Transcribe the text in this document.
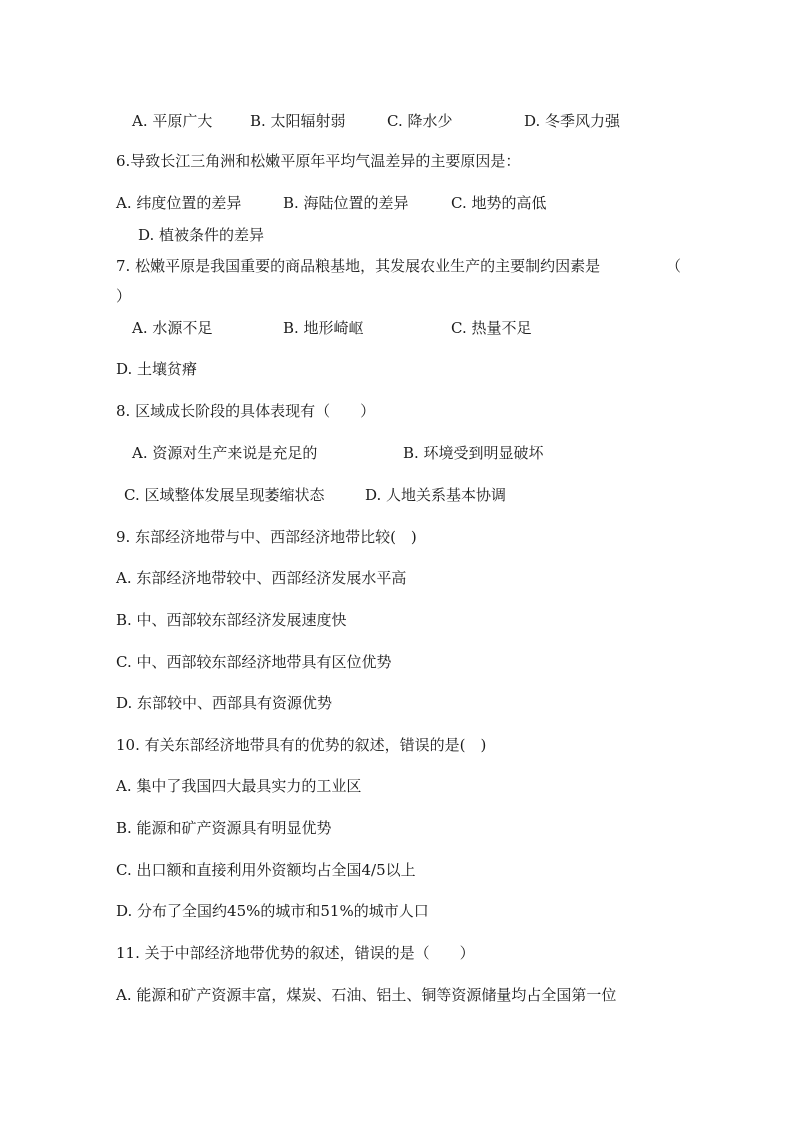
A. 平原广大	B. 太阳辐射弱	C. 降水少	D. 冬季风力强
6.导致长江三角洲和松嫩平原年平均气温差异的主要原因是：
A. 纬度位置的差异	B. 海陆位置的差异	C. 地势的高低
D. 植被条件的差异
7. 松嫩平原是我国重要的商品粮基地，其发展农业生产的主要制约因素是	（
）
A. 水源不足	B. 地形崎岖	C. 热量不足
D. 土壤贫瘠
8. 区域成长阶段的具体表现有（　　）
A. 资源对生产来说是充足的	B. 环境受到明显破坏
C. 区域整体发展呈现萎缩状态	D. 人地关系基本协调
9. 东部经济地带与中、西部经济地带比较(　)
A. 东部经济地带较中、西部经济发展水平高
B. 中、西部较东部经济发展速度快
C. 中、西部较东部经济地带具有区位优势
D. 东部较中、西部具有资源优势
10. 有关东部经济地带具有的优势的叙述，错误的是(　)
A. 集中了我国四大最具实力的工业区
B. 能源和矿产资源具有明显优势
C. 出口额和直接利用外资额均占全国4/5以上
D. 分布了全国约45%的城市和51%的城市人口
11. 关于中部经济地带优势的叙述，错误的是（　　）
A. 能源和矿产资源丰富，煤炭、石油、铝土、铜等资源储量均占全国第一位
